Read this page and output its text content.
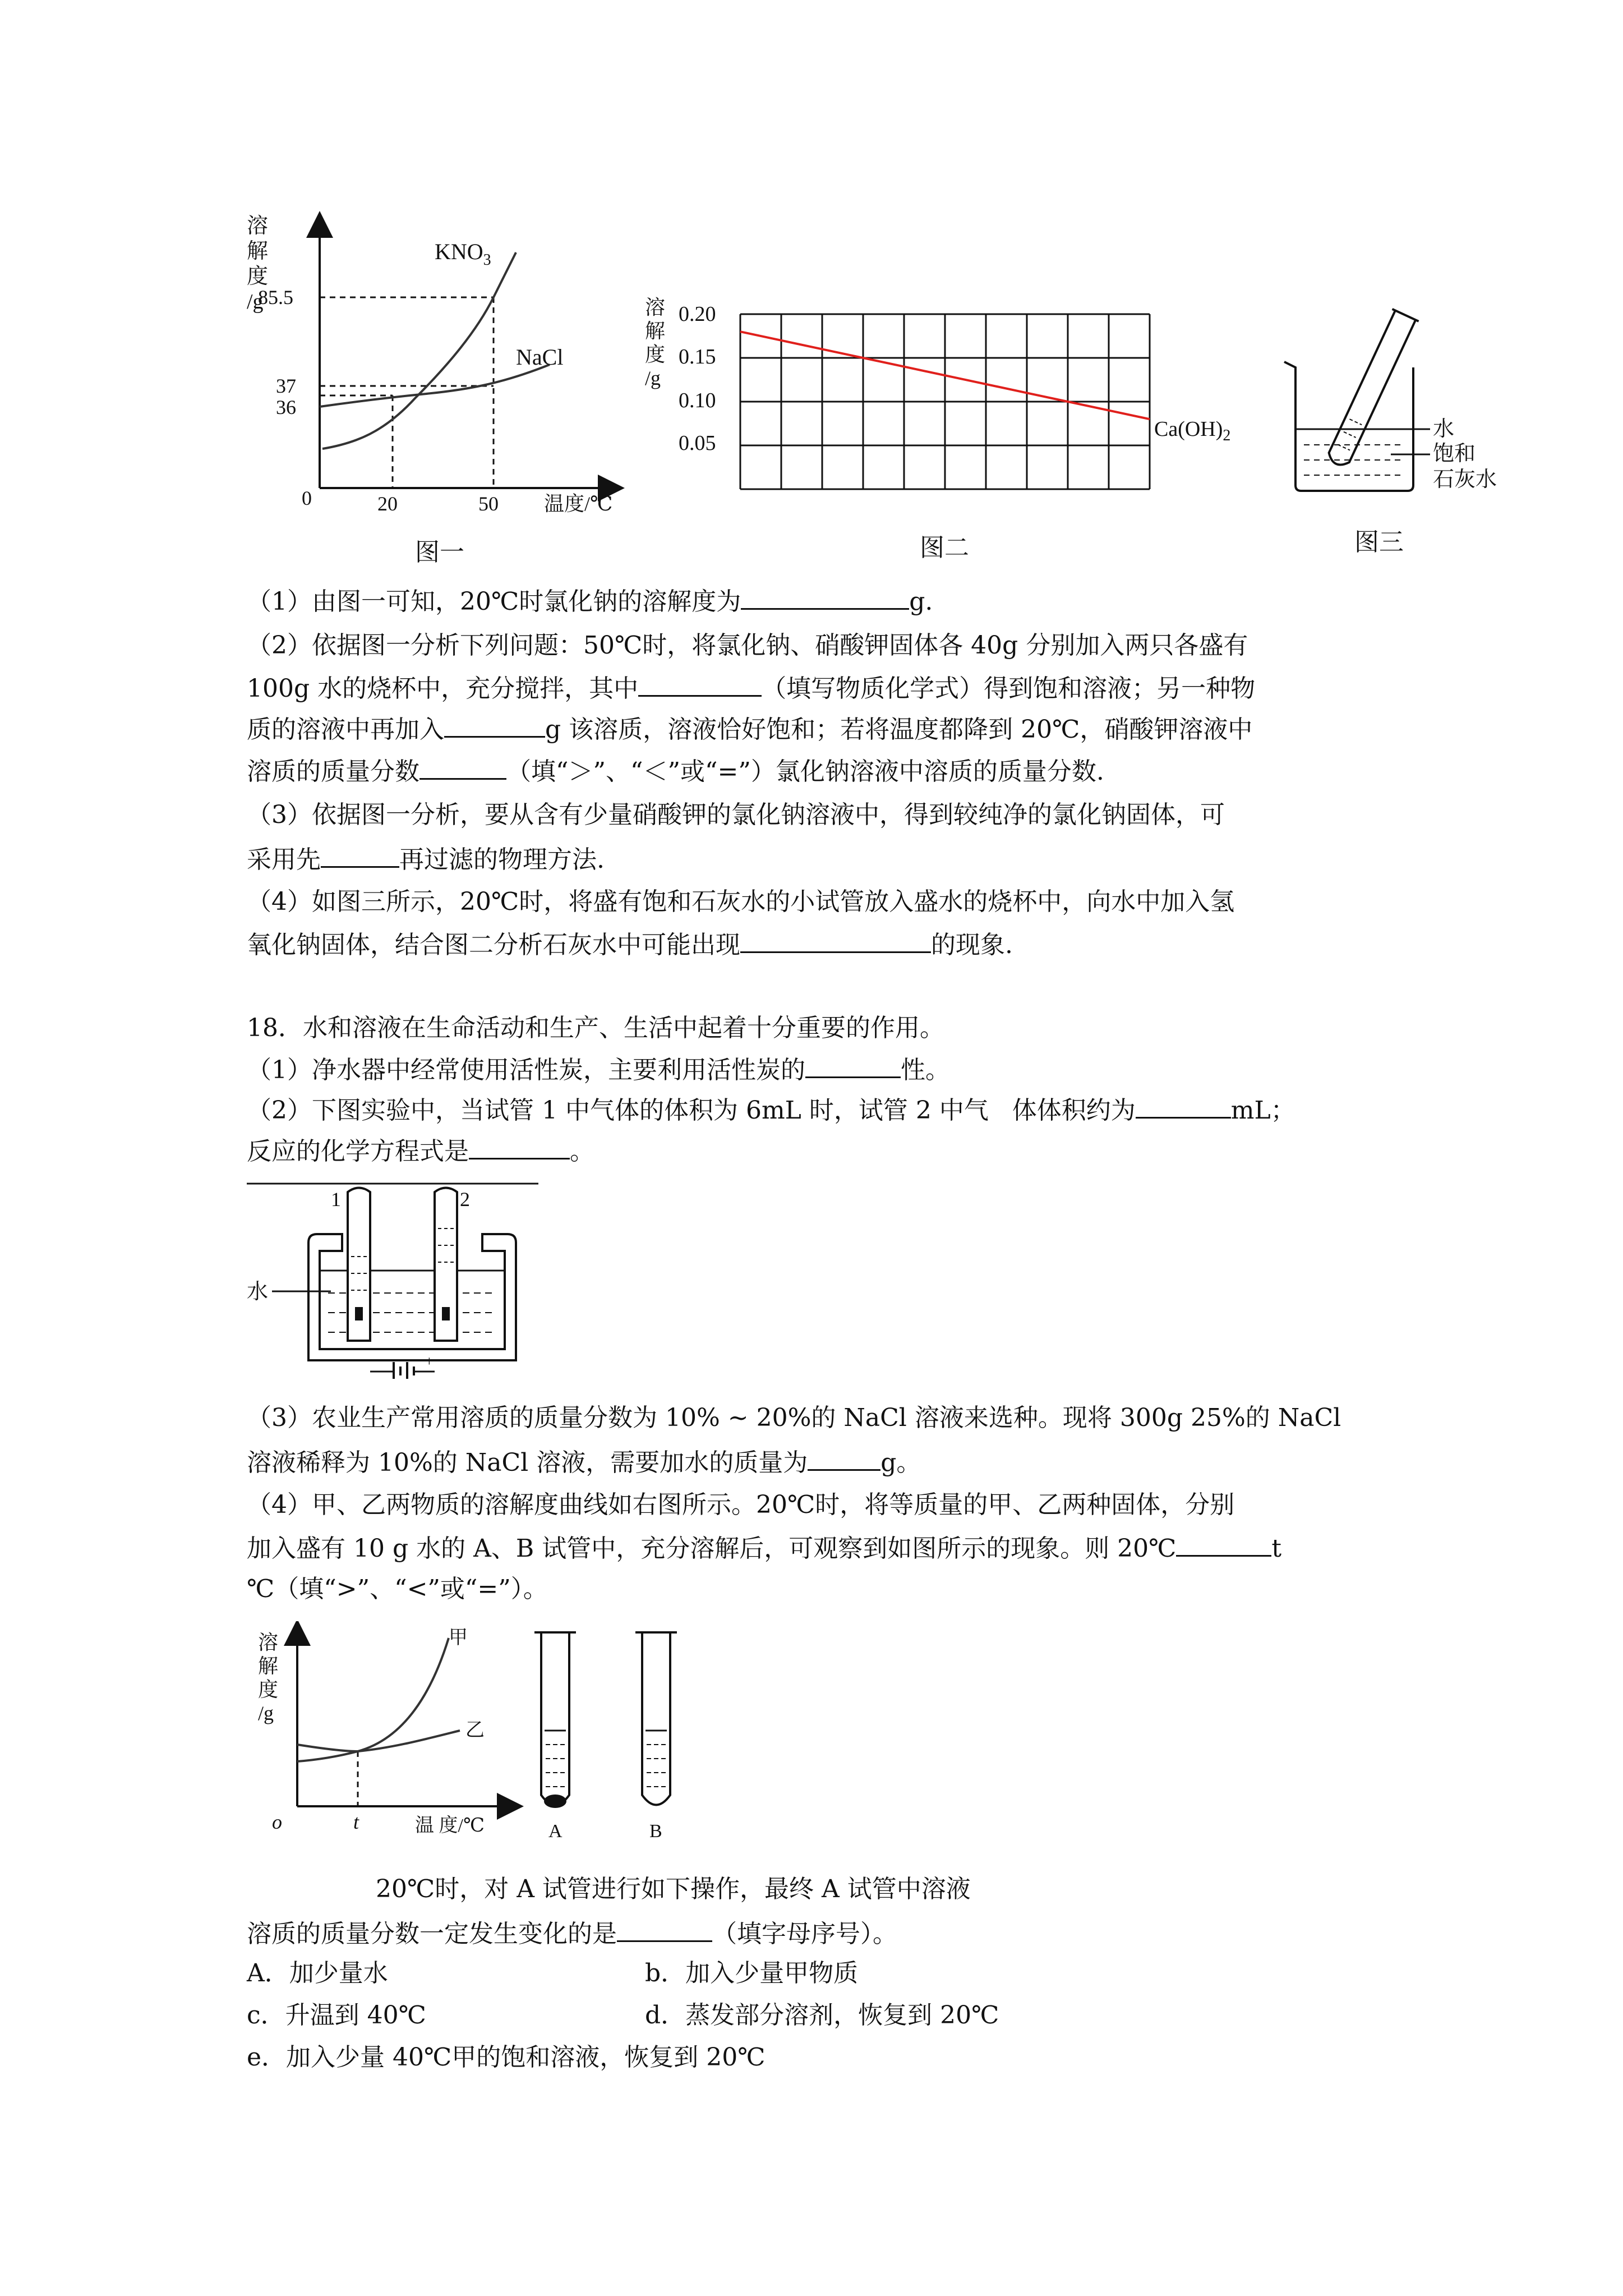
溶
解
度
/g
85.5
37
36
0	20	50 温度/℃
$KNO_3$
NaCl
图一
溶
解
度
/g
0.20
0.15
0.10
0.05
$Ca(OH)_2$
图二
水
饱和
石灰水
图三
（1）由图一可知，20℃时氯化钠的溶解度为	g.
（2）依据图一分析下列问题：50℃时，将氯化钠、硝酸钾固体各 40g 分别加入两只各盛有
100g 水的烧杯中，充分搅拌，其中	（填写物质化学式）得到饱和溶液；另一种物
质的溶液中再加入	g 该溶质，溶液恰好饱和；若将温度都降到 20℃，硝酸钾溶液中
溶质的质量分数	（填“＞”、“＜”或“=”）氯化钠溶液中溶质的质量分数.
（3）依据图一分析，要从含有少量硝酸钾的氯化钠溶液中，得到较纯净的氯化钠固体，可
采用先	再过滤的物理方法.
（4）如图三所示，20℃时，将盛有饱和石灰水的小试管放入盛水的烧杯中，向水中加入氢
氧化钠固体，结合图二分析石灰水中可能出现	的现象.
18．水和溶液在生命活动和生产、生活中起着十分重要的作用。
（1）净水器中经常使用活性炭，主要利用活性炭的	性。
（2）下图实验中，当试管 1 中气体的体积为 6mL 时，试管 2 中气   体体积约为	mL；
反应的化学方程式是	。
1	2
水
+
（3）农业生产常用溶质的质量分数为 10% ~ 20%的 NaCl 溶液来选种。现将 300g 25%的 NaCl
溶液稀释为 10%的 NaCl 溶液，需要加水的质量为	g。
（4）甲、乙两物质的溶解度曲线如右图所示。20℃时，将等质量的甲、乙两种固体，分别
加入盛有 10 g 水的 A、B 试管中，充分溶解后，可观察到如图所示的现象。则 20℃	t
℃（填“>”、“<”或“=”）。
溶
解
度
/g
甲
乙
o	t	温 度/℃	A	B
20℃时，对 A 试管进行如下操作，最终 A 试管中溶液
溶质的质量分数一定发生变化的是	（填字母序号）。
A．加少量水	b．加入少量甲物质
c．升温到 40℃	d．蒸发部分溶剂，恢复到 20℃
e．加入少量 40℃甲的饱和溶液，恢复到 20℃
